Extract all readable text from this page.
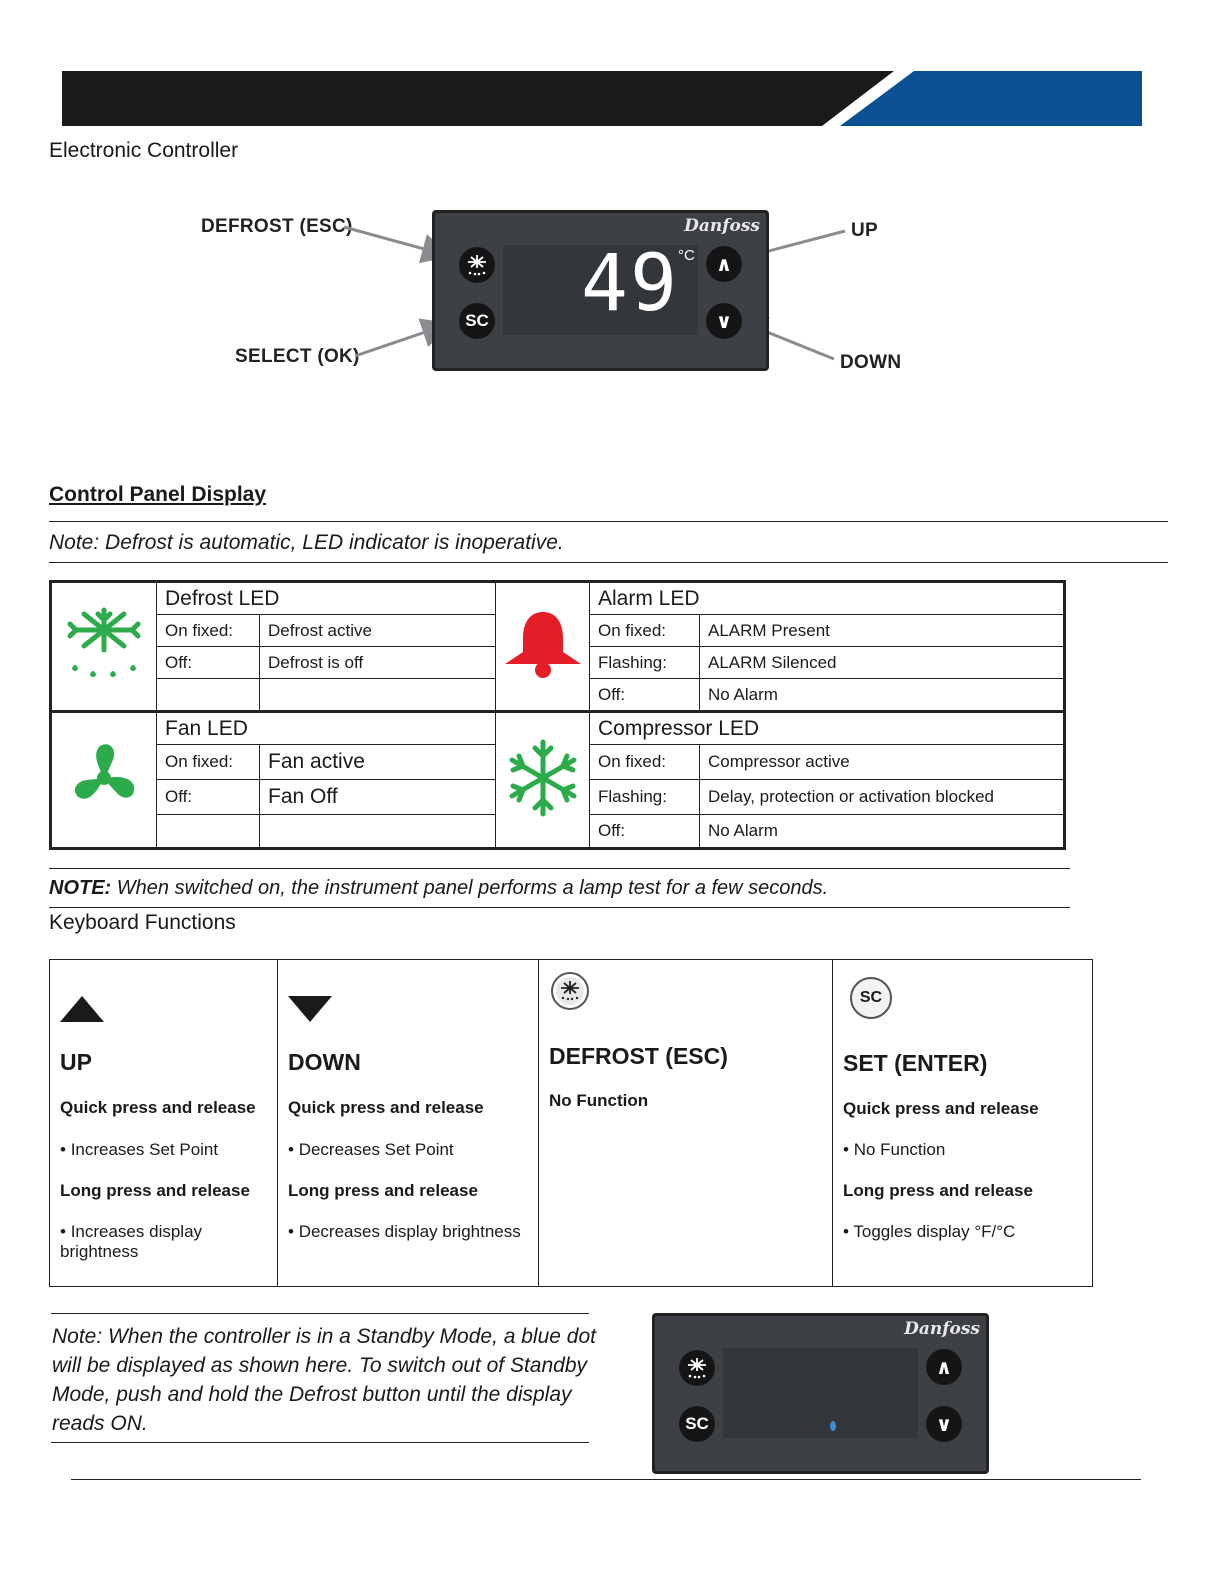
Electronic Controller
DEFROST (ESC)
SELECT (OK)
UP
DOWN
Danfoss
SC
∧
∨
49 °C
Control Panel Display
Note: Defrost is automatic, LED indicator is inoperative.
	Defrost LED			Alarm LED	
	On fixed:	Defrost active		On fixed:	ALARM Present
	Off:	Defrost is off		Flashing:	ALARM Silenced
				Off:	No Alarm
	Fan LED			Compressor LED	
	On fixed:	Fan active		On fixed:	Compressor active
	Off:	Fan Off		Flashing:	Delay, protection or activation blocked
				Off:	No Alarm
NOTE: When switched on, the instrument panel performs a lamp test for a few seconds.
Keyboard Functions
UP
Quick press and release
• Increases Set Point
Long press and release
• Increases display brightness

DOWN
Quick press and release
• Decreases Set Point
Long press and release
• Decreases display brightness

DEFROST (ESC)
No Function

SC
SET (ENTER)
Quick press and release
• No Function
Long press and release
• Toggles display °F/°C
Note: When the controller is in a Standby Mode, a blue dot will be displayed as shown here. To switch out of Standby Mode, push and hold the Defrost button until the display reads ON.
Danfoss
SC
∧
∨
